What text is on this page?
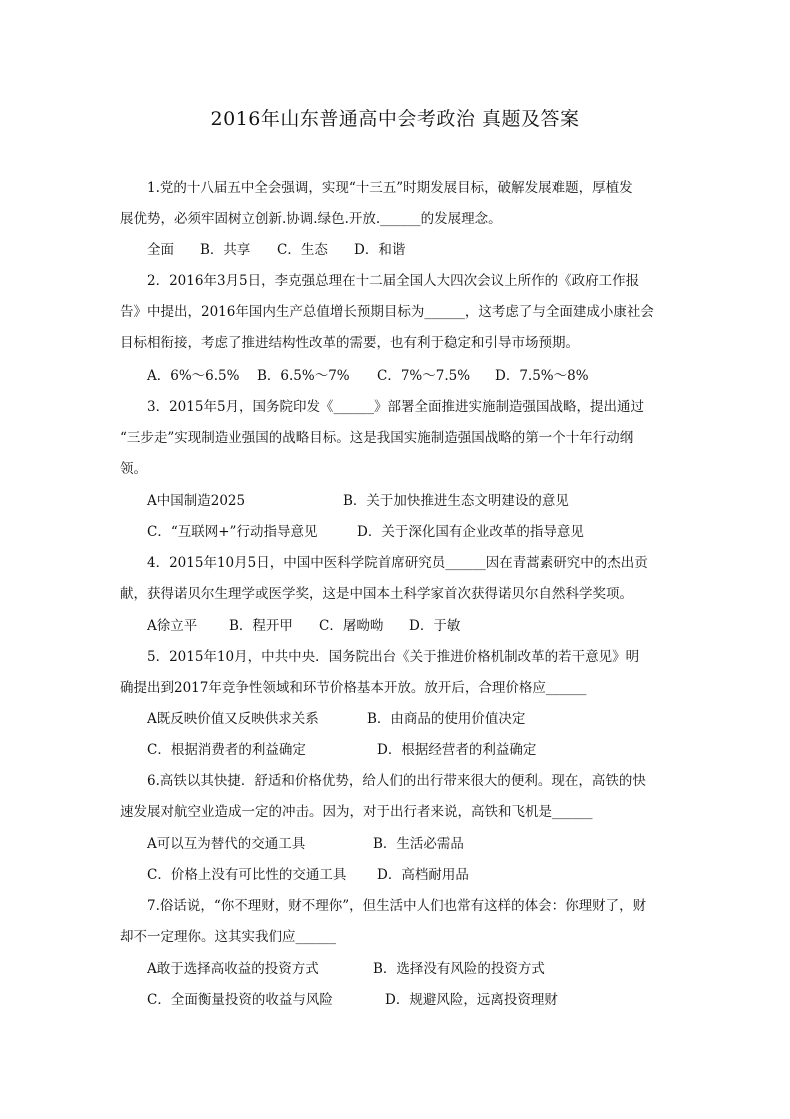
2016年山东普通高中会考政治 真题及答案
　　1.党的十八届五中全会强调，实现“十三五”时期发展目标，破解发展难题，厚植发
展优势，必须牢固树立创新.协调.绿色.开放.______的发展理念。
全面 B．共享 C．生态 D．和谐
　　2．2016年3月5日，李克强总理在十二届全国人大四次会议上所作的《政府工作报
告》中提出，2016年国内生产总值增长预期目标为______，这考虑了与全面建成小康社会
目标相衔接，考虑了推进结构性改革的需要，也有利于稳定和引导市场预期。
A．6%～6.5% B．6.5%～7% C．7%～7.5% D．7.5%～8%
　　3．2015年5月，国务院印发《______》部署全面推进实施制造强国战略，提出通过
“三步走”实现制造业强国的战略目标。这是我国实施制造强国战略的第一个十年行动纲
领。
A中国制造2025	B．关于加快推进生态文明建设的意见
C．“互联网+”行动指导意见	D．关于深化国有企业改革的指导意见
　　4．2015年10月5日，中国中医科学院首席研究员______因在青蒿素研究中的杰出贡
献，获得诺贝尔生理学或医学奖，这是中国本土科学家首次获得诺贝尔自然科学奖项。
A徐立平 B．程开甲 C．屠呦呦 D．于敏
　　5．2015年10月，中共中央．国务院出台《关于推进价格机制改革的若干意见》明
确提出到2017年竞争性领域和环节价格基本开放。放开后，合理价格应______
A既反映价值又反映供求关系	B．由商品的使用价值决定
C．根据消费者的利益确定	D．根据经营者的利益确定
　　6.高铁以其快捷．舒适和价格优势，给人们的出行带来很大的便利。现在，高铁的快
速发展对航空业造成一定的冲击。因为，对于出行者来说，高铁和飞机是______
A可以互为替代的交通工具	B．生活必需品
C．价格上没有可比性的交通工具 D．高档耐用品
　　7.俗话说，“你不理财，财不理你”，但生活中人们也常有这样的体会：你理财了，财
却不一定理你。这其实我们应______
A敢于选择高收益的投资方式	B．选择没有风险的投资方式
C．全面衡量投资的收益与风险	D．规避风险，远离投资理财
